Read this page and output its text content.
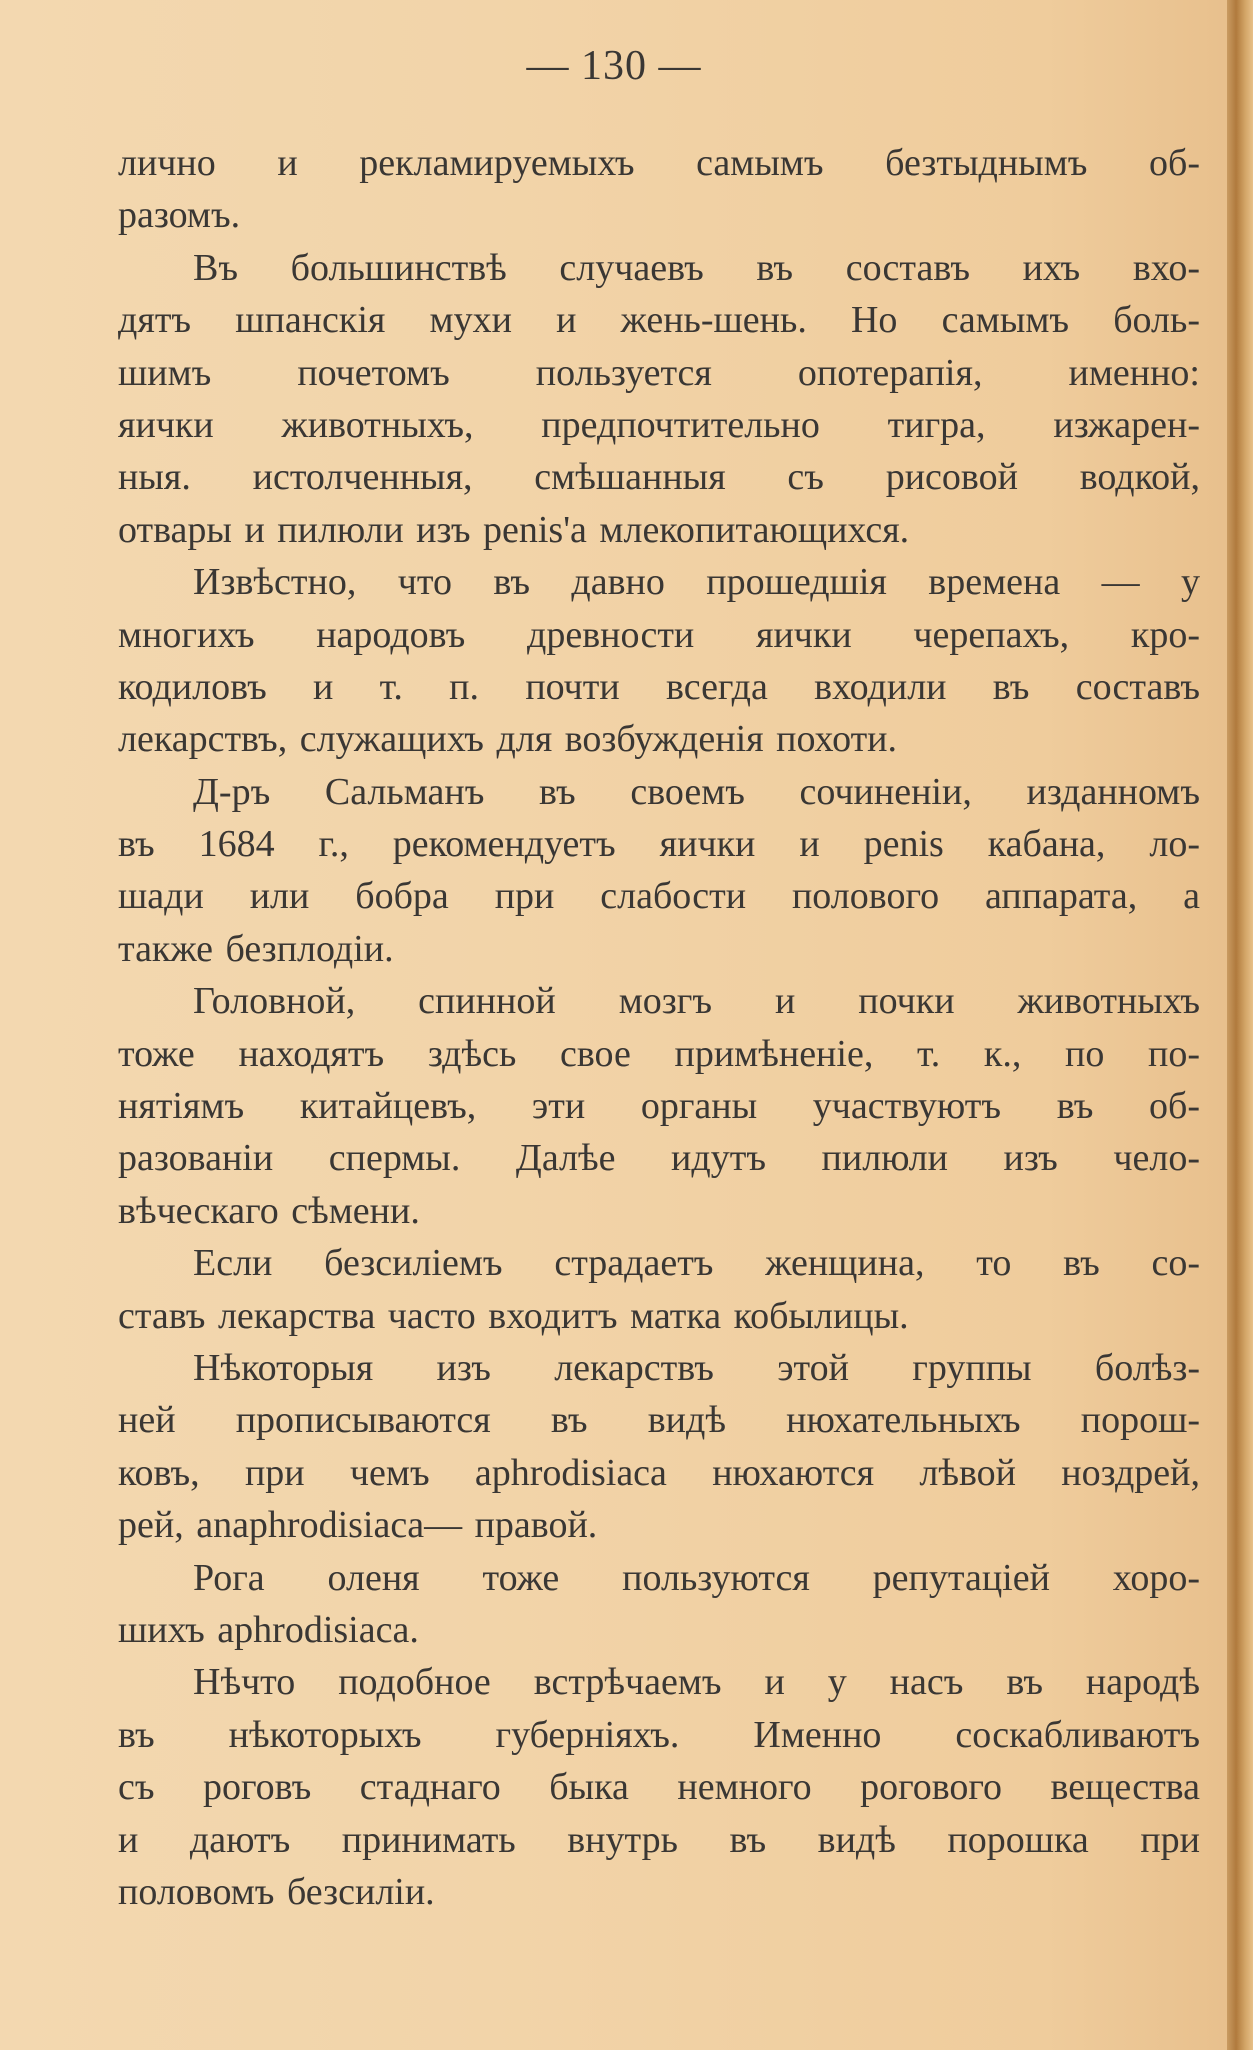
— 130 —
лично и рекламируемыхъ самымъ безтыднымъ об-
разомъ.
Въ большинствѣ случаевъ въ составъ ихъ вхо-
дятъ шпанскія мухи и жень-шень. Но самымъ боль-
шимъ почетомъ пользуется опотерапія, именно:
яички животныхъ, предпочтительно тигра, изжарен-
ныя. истолченныя, смѣшанныя съ рисовой водкой,
отвары и пилюли изъ penis'а млекопитающихся.
Извѣстно, что въ давно прошедшія времена — у
многихъ народовъ древности яички черепахъ, кро-
кодиловъ и т. п. почти всегда входили въ составъ
лекарствъ, служащихъ для возбужденія похоти.
Д-ръ Сальманъ въ своемъ сочиненіи, изданномъ
въ 1684 г., рекомендуетъ яички и penis кабана, ло-
шади или бобра при слабости полового аппарата, а
также безплодіи.
Головной, спинной мозгъ и почки животныхъ
тоже находятъ здѣсь свое примѣненіе, т. к., по по-
нятіямъ китайцевъ, эти органы участвуютъ въ об-
разованіи спермы. Далѣе идутъ пилюли изъ чело-
вѣческаго сѣмени.
Если безсиліемъ страдаетъ женщина, то въ со-
ставъ лекарства часто входитъ матка кобылицы.
Нѣкоторыя изъ лекарствъ этой группы болѣз-
ней прописываются въ видѣ нюхательныхъ порош-
ковъ, при чемъ aphrodisiaca нюхаются лѣвой ноздрей,
рей, anaphrodisiaca— правой.
Рога оленя тоже пользуются репутаціей хоро-
шихъ aphrodisiaca.
Нѣчто подобное встрѣчаемъ и у насъ въ народѣ
въ нѣкоторыхъ губерніяхъ. Именно соскабливаютъ
съ роговъ стаднаго быка немного рогового вещества
и даютъ принимать внутрь въ видѣ порошка при
половомъ безсиліи.
